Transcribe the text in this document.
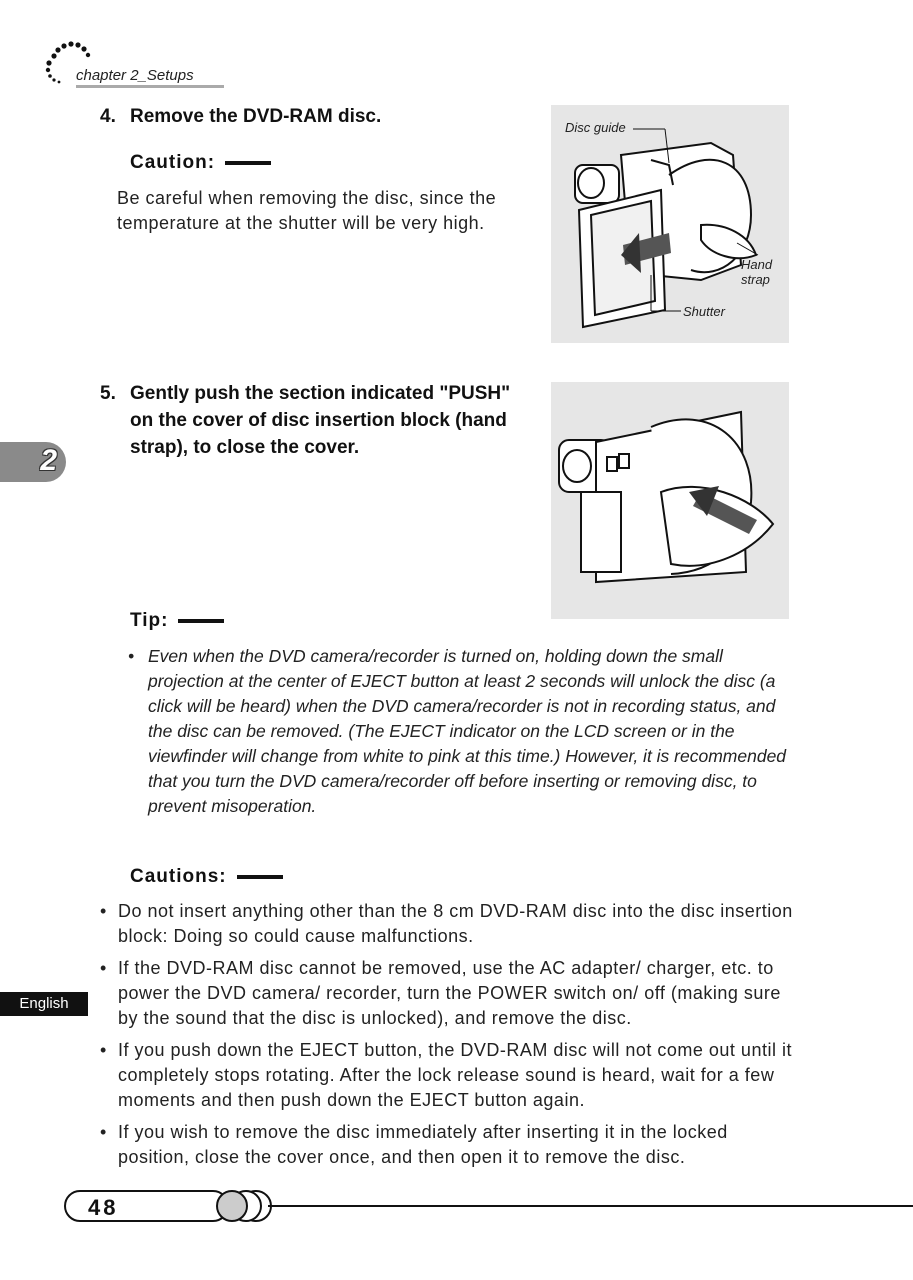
chapter 2_Setups
4. Remove the DVD-RAM disc.
Caution:
Be careful when removing the disc, since the temperature at the shutter will be very high.
Disc guide
Hand
strap
Shutter
5. Gently push the section indicated "PUSH" on the cover of disc insertion block (hand strap), to close the cover.
Tip:
• Even when the DVD camera/recorder is turned on, holding down the small projection at the center of EJECT button at least 2 seconds will unlock the disc (a click will be heard) when the DVD camera/recorder is not in recording status, and the disc can be removed. (The EJECT indicator on the LCD screen or in the viewfinder will change from white to pink at this time.) However, it is recommended that you turn the DVD camera/recorder off before inserting or removing disc, to prevent misoperation.
Cautions:
• Do not insert anything other than the 8 cm DVD-RAM disc into the disc insertion block: Doing so could cause malfunctions.
• If the DVD-RAM disc cannot be removed, use the AC adapter/ charger, etc. to power the DVD camera/ recorder, turn the POWER switch on/ off (making sure by the sound that the disc is unlocked), and remove the disc.
• If you push down the EJECT button, the DVD-RAM disc will not come out until it completely stops rotating. After the lock release sound is heard, wait for a few moments and then push down the EJECT button again.
• If you wish to remove the disc immediately after inserting it in the locked position, close the cover once, and then open it to remove the disc.
2
English
48
